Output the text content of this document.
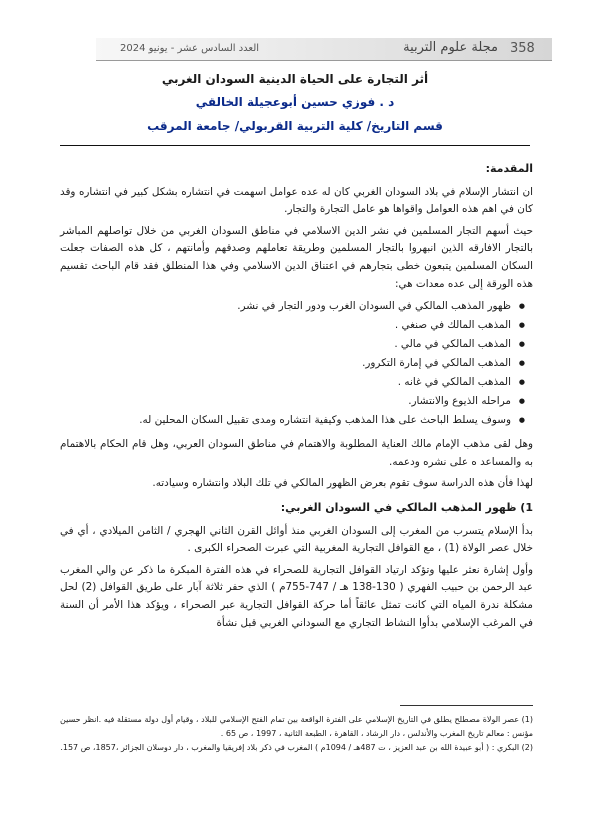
358
مجلة علوم التربية
العدد السادس عشر - يونيو 2024
أثر التجارة على الحياة الدينية السودان الغربي
د . فوزي حسين أبوعجيلة الخالقي
قسم التاريخ/ كلية التربية القربولي/ جامعة المرقب
المقدمة:

ان انتشار الإسلام في بلاد السودان الغربي كان له عده عوامل اسهمت في انتشاره بشكل كبير في انتشاره وقد كان في اهم هذه العوامل واقواها هو عامل التجارة والتجار.

حيث أسهم التجار المسلمين في نشر الدين الاسلامي في مناطق السودان الغربي من خلال تواصلهم المباشر بالتجار الافارقه الذين انبهروا بالتجار المسلمين وطريقة تعاملهم وصدقهم وأمانتهم ، كل هذه الصفات جعلت السكان المسلمين يتبعون خطى بتجارهم في اعتناق الدين الاسلامي وفي هذا المنطلق فقد قام الباحث تقسيم هذه الورقة إلى عده معدات هي:

● ظهور المذهب المالكي في السودان الغرب ودور التجار في نشر.
● المذهب المالك في صنغي .
● المذهب المالكي في مالي .
● المذهب المالكي في إمارة التكرور.
● المذهب المالكي في غانه .
● مراحله الذيوع والانتشار.
● وسوف يسلط الباحث على هذا المذهب وكيفية انتشاره ومدى تقبيل السكان المحلين له.

وهل لقى مذهب الإمام مالك العناية المطلوبة والاهتمام في مناطق السودان العربي، وهل قام الحكام بالاهتمام به والمساعد ه على نشره ودعمه.

لهذا فأن هذه الدراسة سوف تقوم بعرض الظهور المالكي في تلك البلاد وانتشاره وسيادته.

1) ظهور المذهب المالكي في السودان الغربي:

بدأ الإسلام يتسرب من المغرب إلى السودان الغربي منذ أوائل القرن الثاني الهجري / الثامن الميلادي ، أي في خلال عصر الولاة (1) ، مع القوافل التجارية المغربية التي عبرت الصحراء الكبرى .

وأول إشارة نعثر عليها وتؤكد ارتياد القوافل التجارية للصحراء في هذه الفترة المبكرة ما ذكر عن والي المغرب عبد الرحمن بن حبيب الفهري ( 130-138 هـ / 747-755م ) الذي حفر ثلاثة آبار على طريق القوافل (2) لحل مشكلة ندرة المياه التي كانت تمثل عائقاً أما حركة القوافل التجارية عبر الصحراء ، ويؤكد هذا الأمر أن السنة في المرغب الإسلامي بدأوا النشاط التجاري مع السوداني الغربي قبل نشأة

(1) عصر الولاة مصطلح يطلق في التاريخ الإسلامي على الفترة الواقعة بين تمام الفتح الإسلامي للبلاد ، وقيام أول دولة مستقلة فيه .انظر حسين مؤنس : معالم تاريخ المغرب والأندلس ، دار الرشاد ، القاهرة ، الطبعة الثانية ، 1997 ، ص 65 .

(2) البكري : ( أبو عبيدة الله بن عبد العزيز ، ت 487هـ / 1094م ) المغرب في ذكر بلاد إفريقيا والمغرب ، دار دوسلان الجزائر ،1857، ص 157.
